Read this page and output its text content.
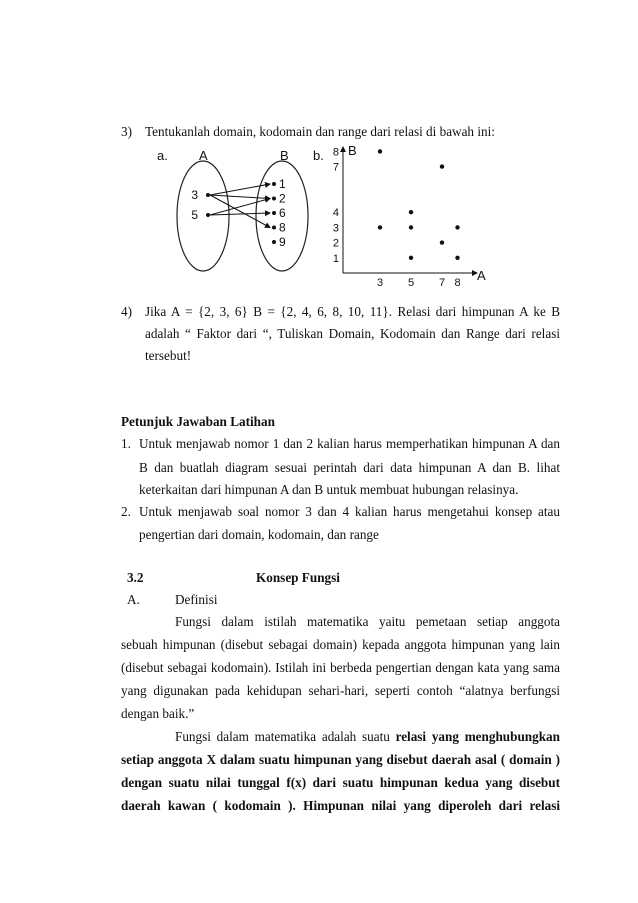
3) Tentukanlah domain, kodomain dan range dari relasi di bawah ini:
a. A	B
3
5
1
2
6
8
9
b. B
A
8
7
4
3
2
1
3 5 7 8
4) Jika A = {2, 3, 6} B = {2, 4, 6, 8, 10, 11}. Relasi dari himpunan A ke B
adalah “ Faktor dari “, Tuliskan Domain, Kodomain dan Range dari relasi
tersebut!
Petunjuk Jawaban Latihan
1. Untuk menjawab nomor 1 dan 2 kalian harus memperhatikan himpunan A dan
B dan buatlah diagram sesuai perintah dari data himpunan A dan B. lihat
keterkaitan dari himpunan A dan B untuk membuat hubungan relasinya.
2. Untuk menjawab soal nomor 3 dan 4 kalian harus mengetahui konsep atau
pengertian dari domain, kodomain, dan range
3.2	Konsep Fungsi
A.	Definisi
Fungsi dalam istilah matematika yaitu pemetaan setiap anggota
sebuah himpunan (disebut sebagai domain) kepada anggota himpunan yang lain
(disebut sebagai kodomain). Istilah ini berbeda pengertian dengan kata yang sama
yang digunakan pada kehidupan sehari-hari, seperti contoh “alatnya berfungsi
dengan baik.”
Fungsi dalam matematika adalah suatu relasi yang menghubungkan
setiap anggota X dalam suatu himpunan yang disebut daerah asal ( domain )
dengan suatu nilai tunggal f(x) dari suatu himpunan kedua yang disebut
daerah kawan ( kodomain ). Himpunan nilai yang diperoleh dari relasi
